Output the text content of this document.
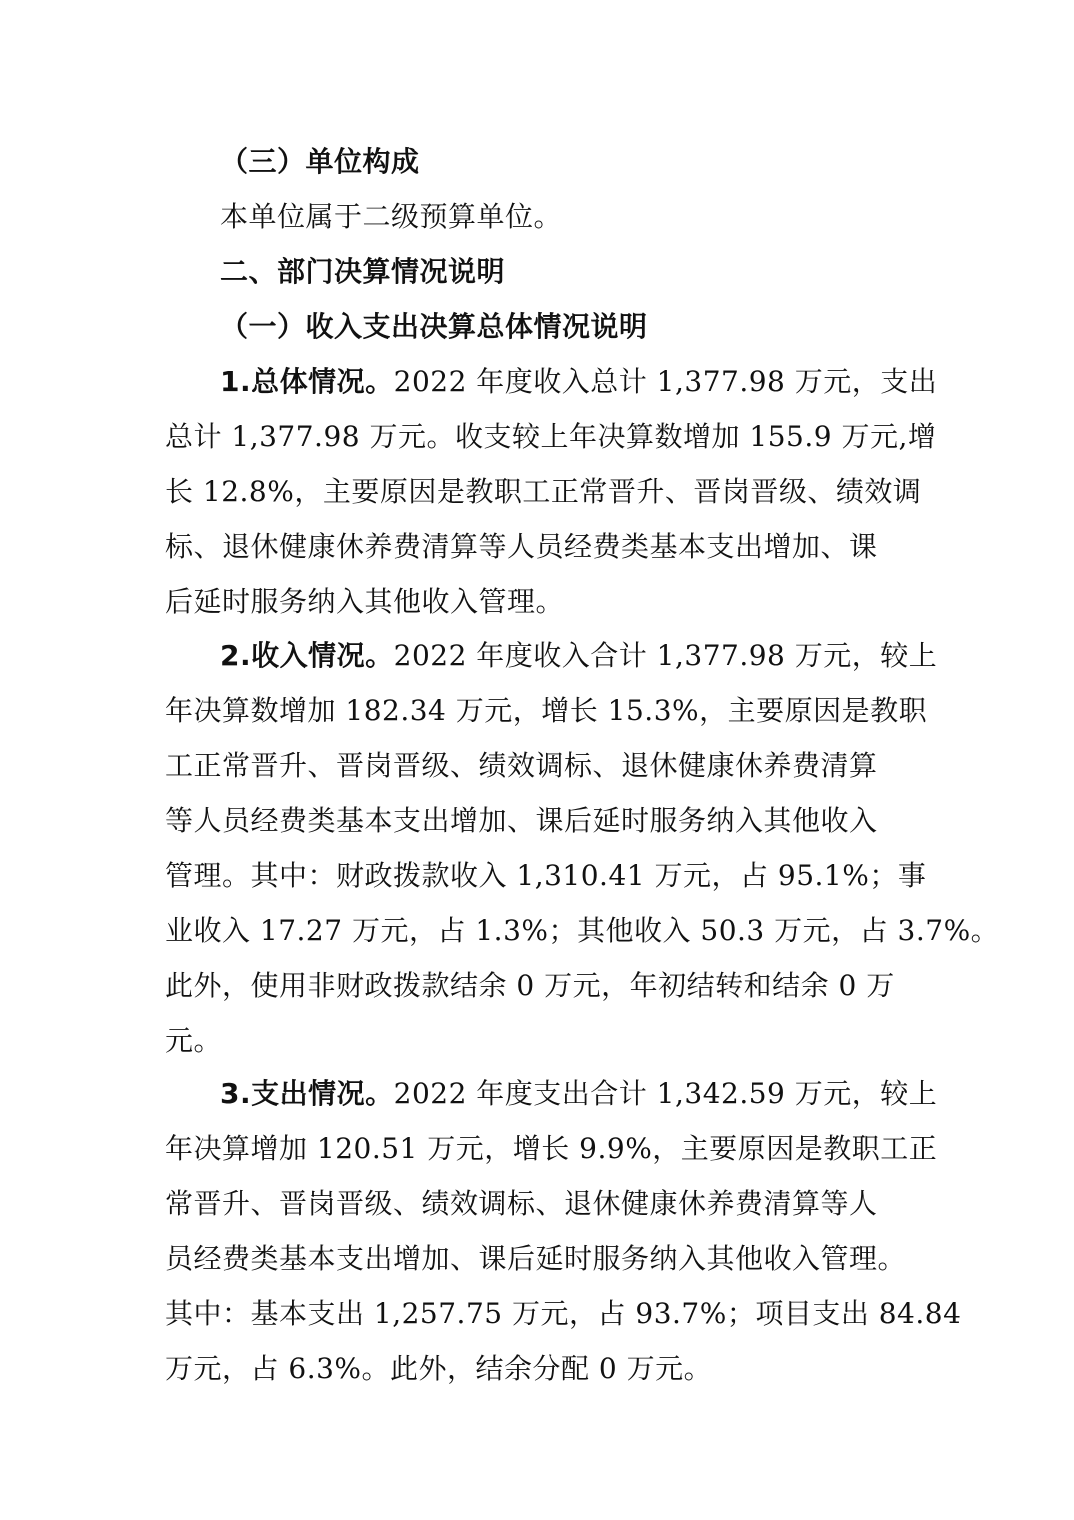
（三）单位构成
本单位属于二级预算单位。
二、部门决算情况说明
（一）收入支出决算总体情况说明
1.总体情况。2022 年度收入总计 1,377.98 万元，支出
总计 1,377.98 万元。收支较上年决算数增加 155.9 万元,增
长 12.8%，主要原因是教职工正常晋升、晋岗晋级、绩效调
标、退休健康休养费清算等人员经费类基本支出增加、课
后延时服务纳入其他收入管理。
2.收入情况。2022 年度收入合计 1,377.98 万元，较上
年决算数增加 182.34 万元，增长 15.3%，主要原因是教职
工正常晋升、晋岗晋级、绩效调标、退休健康休养费清算
等人员经费类基本支出增加、课后延时服务纳入其他收入
管理。其中：财政拨款收入 1,310.41 万元，占 95.1%；事
业收入 17.27 万元，占 1.3%；其他收入 50.3 万元，占 3.7%。
此外，使用非财政拨款结余 0 万元，年初结转和结余 0 万
元。
3.支出情况。2022 年度支出合计 1,342.59 万元，较上
年决算增加 120.51 万元，增长 9.9%，主要原因是教职工正
常晋升、晋岗晋级、绩效调标、退休健康休养费清算等人
员经费类基本支出增加、课后延时服务纳入其他收入管理。
其中：基本支出 1,257.75 万元，占 93.7%；项目支出 84.84
万元，占 6.3%。此外，结余分配 0 万元。
